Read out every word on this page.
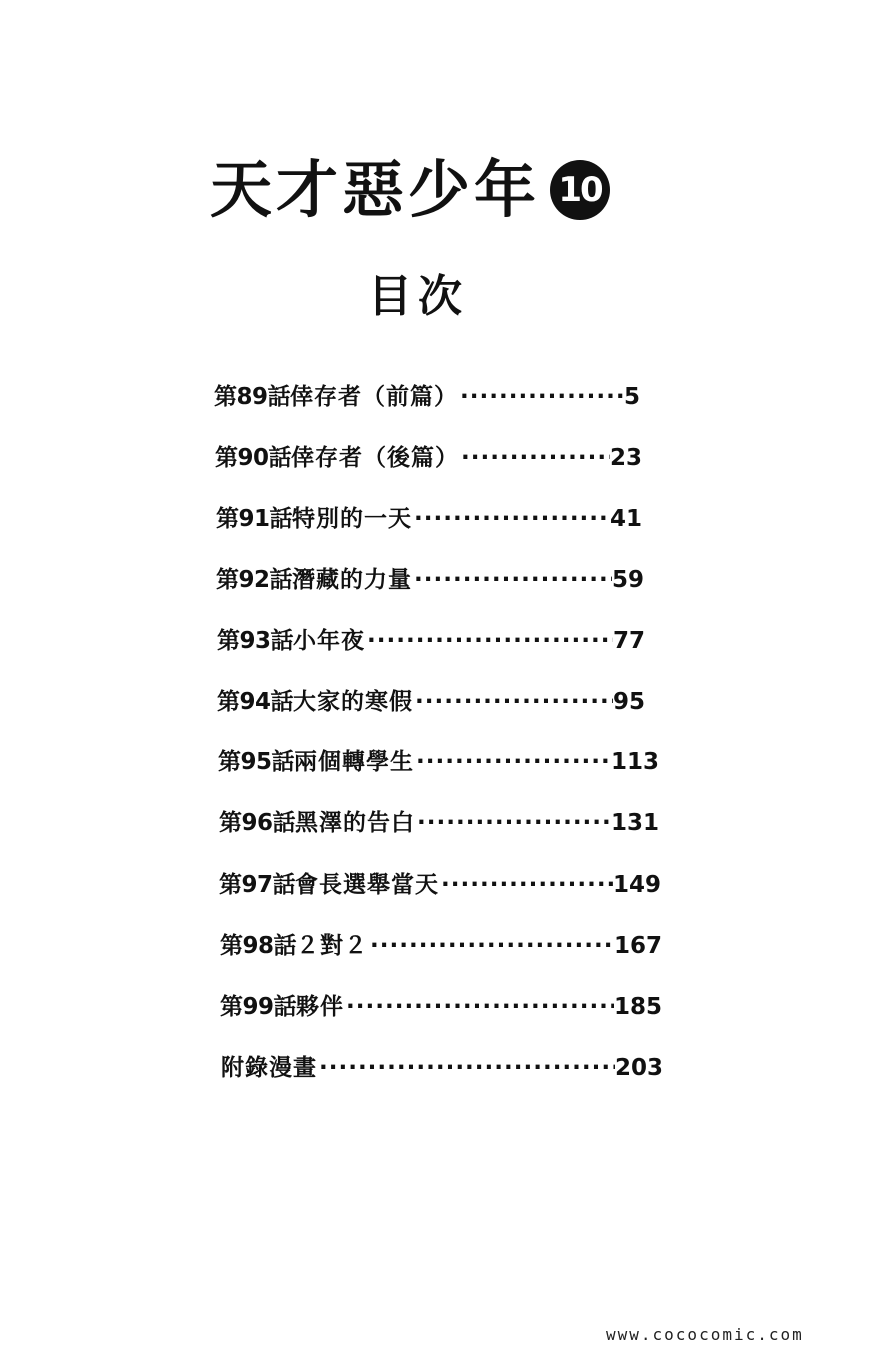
天才惡少年 10
目次
第89話 倖存者（前篇） ·····	5
第90話 倖存者（後篇） ·····	23
第91話 特別的一天 ·····	41
第92話 潛藏的力量 ·····	59
第93話 小年夜 ·····	77
第94話 大家的寒假 ·····	95
第95話 兩個轉學生 ·····	113
第96話 黑澤的告白 ·····	131
第97話 會長選舉當天 ·····	149
第98話 ２對２ ·····	167
第99話 夥伴 ·····	185
附錄漫畫 ·····	203
www.cococomic.com
